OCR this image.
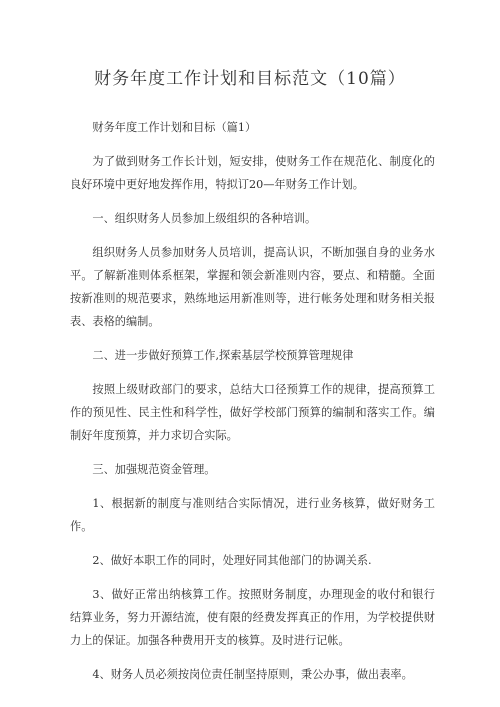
财务年度工作计划和目标范文（10篇）

财务年度工作计划和目标（篇1）

为了做到财务工作长计划，短安排，使财务工作在规范化、制度化的良好环境中更好地发挥作用，特拟订20—年财务工作计划。

一、组织财务人员参加上级组织的各种培训。

组织财务人员参加财务人员培训，提高认识，不断加强自身的业务水平。了解新准则体系框架，掌握和领会新准则内容，要点、和精髓。全面按新准则的规范要求，熟练地运用新准则等，进行帐务处理和财务相关报表、表格的编制。

二、进一步做好预算工作,探索基层学校预算管理规律

按照上级财政部门的要求，总结大口径预算工作的规律，提高预算工作的预见性、民主性和科学性，做好学校部门预算的编制和落实工作。编制好年度预算，并力求切合实际。

三、加强规范资金管理。

1、根据新的制度与准则结合实际情况，进行业务核算，做好财务工作。

2、做好本职工作的同时，处理好同其他部门的协调关系.

3、做好正常出纳核算工作。按照财务制度，办理现金的收付和银行结算业务，努力开源结流，使有限的经费发挥真正的作用，为学校提供财力上的保证。加强各种费用开支的核算。及时进行记帐。

4、财务人员必须按岗位责任制坚持原则，秉公办事，做出表率。
